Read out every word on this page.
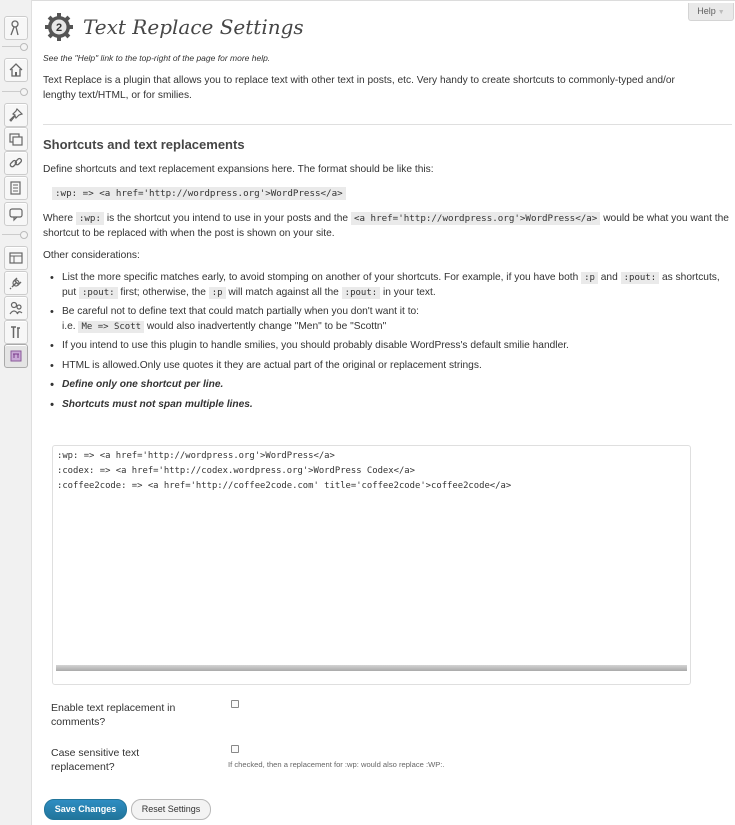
Help ▼
2 Text Replace Settings
See the "Help" link to the top-right of the page for more help.
Text Replace is a plugin that allows you to replace text with other text in posts, etc. Very handy to create shortcuts to commonly-typed and/or lengthy text/HTML, or for smilies.
Shortcuts and text replacements
Define shortcuts and text replacement expansions here. The format should be like this:
:wp: => <a href='http://wordpress.org'>WordPress</a>
Where :wp: is the shortcut you intend to use in your posts and the <a href='http://wordpress.org'>WordPress</a> would be what you want the shortcut to be replaced with when the post is shown on your site.
Other considerations:
• List the more specific matches early, to avoid stomping on another of your shortcuts. For example, if you have both :p and :pout: as shortcuts, put :pout: first; otherwise, the :p will match against all the :pout: in your text.
• Be careful not to define text that could match partially when you don't want it to:
i.e. Me => Scott would also inadvertently change "Men" to be "Scottn"
• If you intend to use this plugin to handle smilies, you should probably disable WordPress's default smilie handler.
• HTML is allowed.Only use quotes it they are actual part of the original or replacement strings.
• Define only one shortcut per line.
• Shortcuts must not span multiple lines.
:wp: => <a href='http://wordpress.org'>WordPress</a> :codex: => <a href='http://codex.wordpress.org'>WordPress Codex</a> :coffee2code: => <a href='http://coffee2code.com' title='coffee2code'>coffee2code</a>
Enable text replacement in comments?
Case sensitive text replacement?	If checked, then a replacement for :wp: would also replace :WP:.
Save Changes	Reset Settings
